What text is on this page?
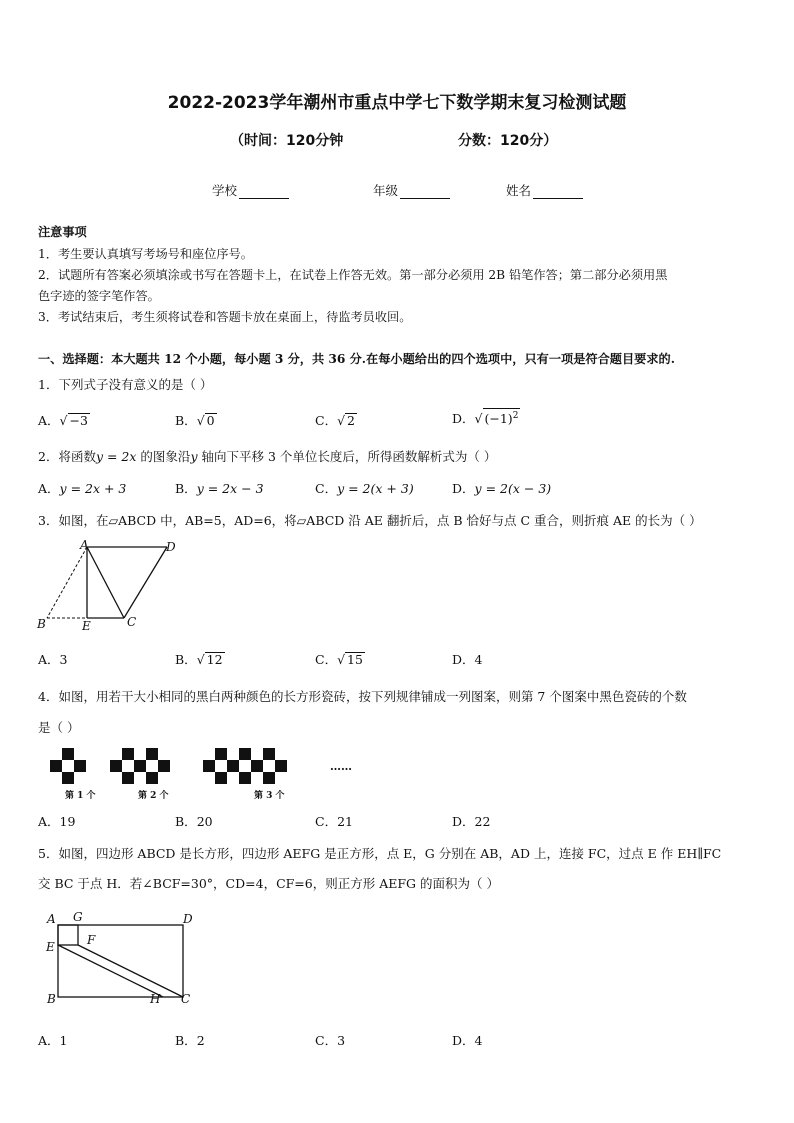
2022-2023学年潮州市重点中学七下数学期末复习检测试题
（时间：120分钟	分数：120分）
学校	年级	姓名
注意事项
1．考生要认真填写考场号和座位序号。
2．试题所有答案必须填涂或书写在答题卡上，在试卷上作答无效。第一部分必须用 2B 铅笔作答；第二部分必须用黑
色字迹的签字笔作答。
3．考试结束后，考生须将试卷和答题卡放在桌面上，待监考员收回。
一、选择题：本大题共 12 个小题，每小题 3 分，共 36 分.在每小题给出的四个选项中，只有一项是符合题目要求的.
1．下列式子没有意义的是（ ）
A．√ −3	B．√ 0	C．√ 2	D．√ $(-1)^2$
2．将函数y = 2x 的图象沿y 轴向下平移 3 个单位长度后，所得函数解析式为（ ）
A．y = 2x + 3	B．y = 2x − 3	C．y = 2(x + 3)	D．y = 2(x − 3)
3．如图，在▱ABCD 中，AB=5，AD=6，将▱ABCD 沿 AE 翻折后，点 B 恰好与点 C 重合，则折痕 AE 的长为（ ）
A	D
B	E	C
A．3	B．√ 12	C．√ 15	D．4
4．如图，用若干大小相同的黑白两种颜色的长方形瓷砖，按下列规律铺成一列图案，则第 7 个图案中黑色瓷砖的个数
是（ ）
第 1 个	第 2 个	第 3 个
……
A．19	B．20	C．21	D．22
5．如图，四边形 ABCD 是长方形，四边形 AEFG 是正方形，点 E，G 分别在 AB，AD 上，连接 FC，过点 E 作 EH∥FC
交 BC 于点 H．若∠BCF=30°，CD=4，CF=6，则正方形 AEFG 的面积为（ ）
A G	D
F
E
B	H C
A．1	B．2	C．3	D．4
